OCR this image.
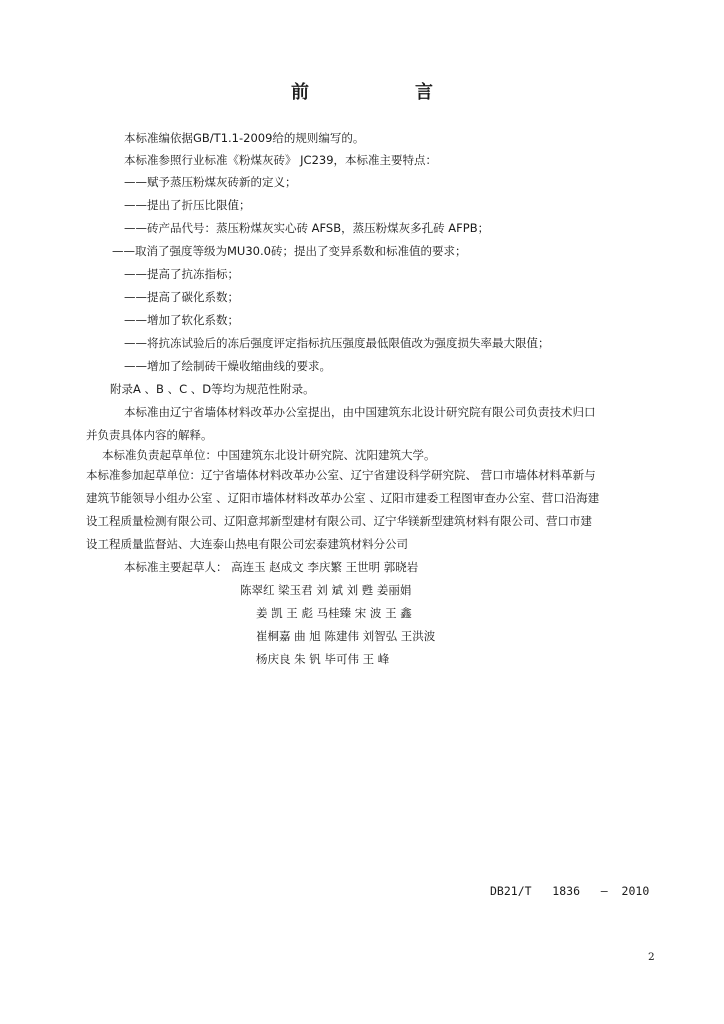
前　言
本标准编依据GB/T1.1-2009给的规则编写的。
本标准参照行业标准《粉煤灰砖》 JC239，本标准主要特点：
——赋予蒸压粉煤灰砖新的定义；
——提出了折压比限值；
——砖产品代号：蒸压粉煤灰实心砖 AFSB，蒸压粉煤灰多孔砖 AFPB；
——取消了强度等级为MU30.0砖；提出了变异系数和标准值的要求；
——提高了抗冻指标；
——提高了碳化系数；
——增加了软化系数；
——将抗冻试验后的冻后强度评定指标抗压强度最低限值改为强度损失率最大限值；
——增加了绘制砖干燥收缩曲线的要求。
附录A 、B 、C 、D等均为规范性附录。
本标准由辽宁省墙体材料改革办公室提出，由中国建筑东北设计研究院有限公司负责技术归口
并负责具体内容的解释。
本标准负责起草单位：中国建筑东北设计研究院、沈阳建筑大学。
本标准参加起草单位：辽宁省墙体材料改革办公室、辽宁省建设科学研究院、 营口市墙体材料革新与
建筑节能领导小组办公室 、辽阳市墙体材料改革办公室 、辽阳市建委工程图审查办公室、营口沿海建
设工程质量检测有限公司、辽阳意邦新型建材有限公司、辽宁华镁新型建筑材料有限公司、营口市建
设工程质量监督站、大连泰山热电有限公司宏泰建筑材料分公司
本标准主要起草人： 高连玉 赵成文 李庆繁 王世明 郭晓岩
陈翠红 梁玉君 刘 斌 刘 甦 姜丽娟
姜 凯 王 彪 马桂臻 宋 波 王 鑫
崔桐嘉 曲 旭 陈建伟 刘智弘 王洪波
杨庆良 朱 钒 毕可伟 王 峰
DB21/T   1836   —  2010
2
